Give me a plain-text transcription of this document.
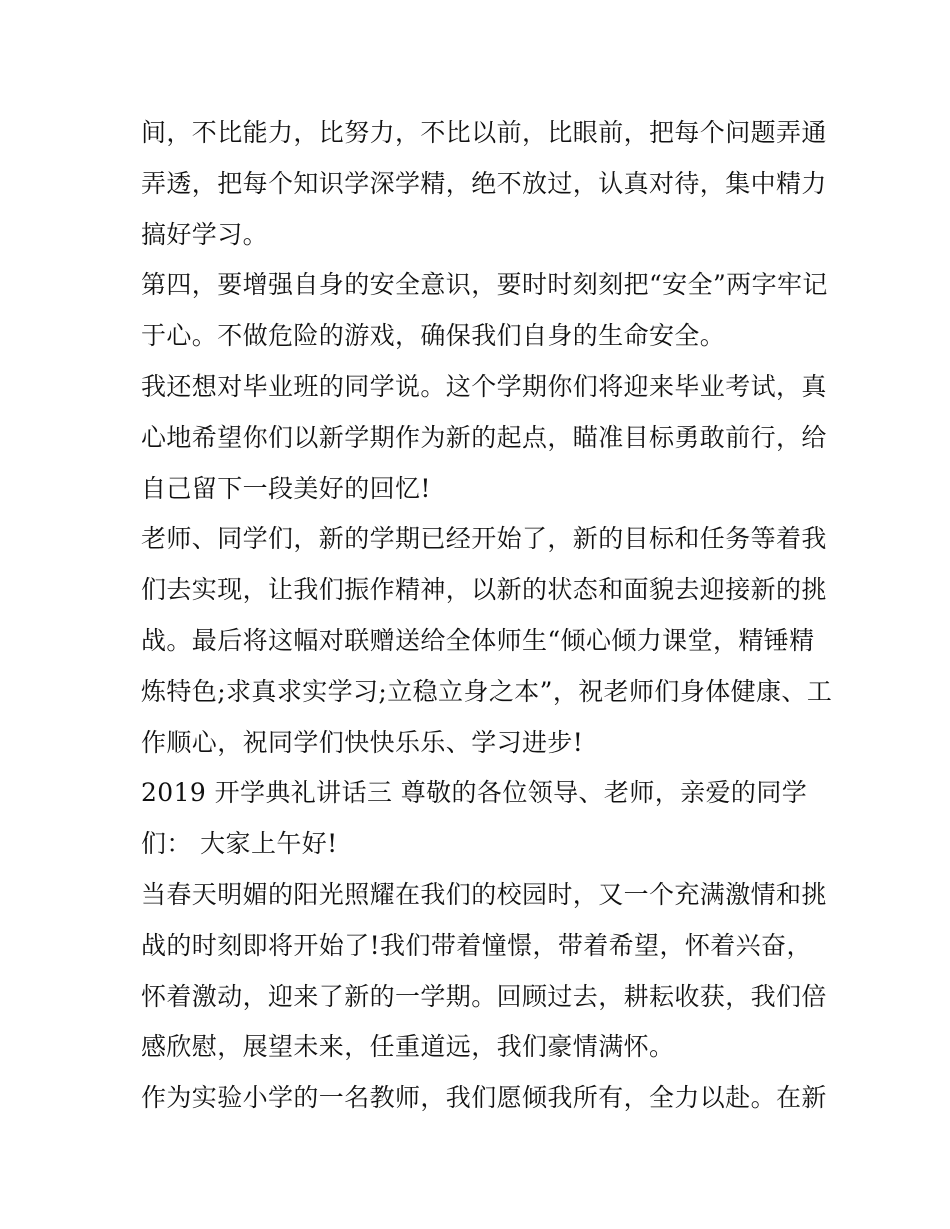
间，不比能力，比努力，不比以前，比眼前，把每个问题弄通
弄透，把每个知识学深学精，绝不放过，认真对待，集中精力
搞好学习。
第四，要增强自身的安全意识，要时时刻刻把“安全”两字牢记
于心。不做危险的游戏，确保我们自身的生命安全。
我还想对毕业班的同学说。这个学期你们将迎来毕业考试，真
心地希望你们以新学期作为新的起点，瞄准目标勇敢前行，给
自己留下一段美好的回忆!
老师、同学们，新的学期已经开始了，新的目标和任务等着我
们去实现，让我们振作精神，以新的状态和面貌去迎接新的挑
战。最后将这幅对联赠送给全体师生“倾心倾力课堂，精锤精
炼特色;求真求实学习;立稳立身之本”，祝老师们身体健康、工
作顺心，祝同学们快快乐乐、学习进步!
2019 开学典礼讲话三 尊敬的各位领导、老师，亲爱的同学
们： 大家上午好!
当春天明媚的阳光照耀在我们的校园时，又一个充满激情和挑
战的时刻即将开始了!我们带着憧憬，带着希望，怀着兴奋，
怀着激动，迎来了新的一学期。回顾过去，耕耘收获，我们倍
感欣慰，展望未来，任重道远，我们豪情满怀。
作为实验小学的一名教师，我们愿倾我所有，全力以赴。在新
